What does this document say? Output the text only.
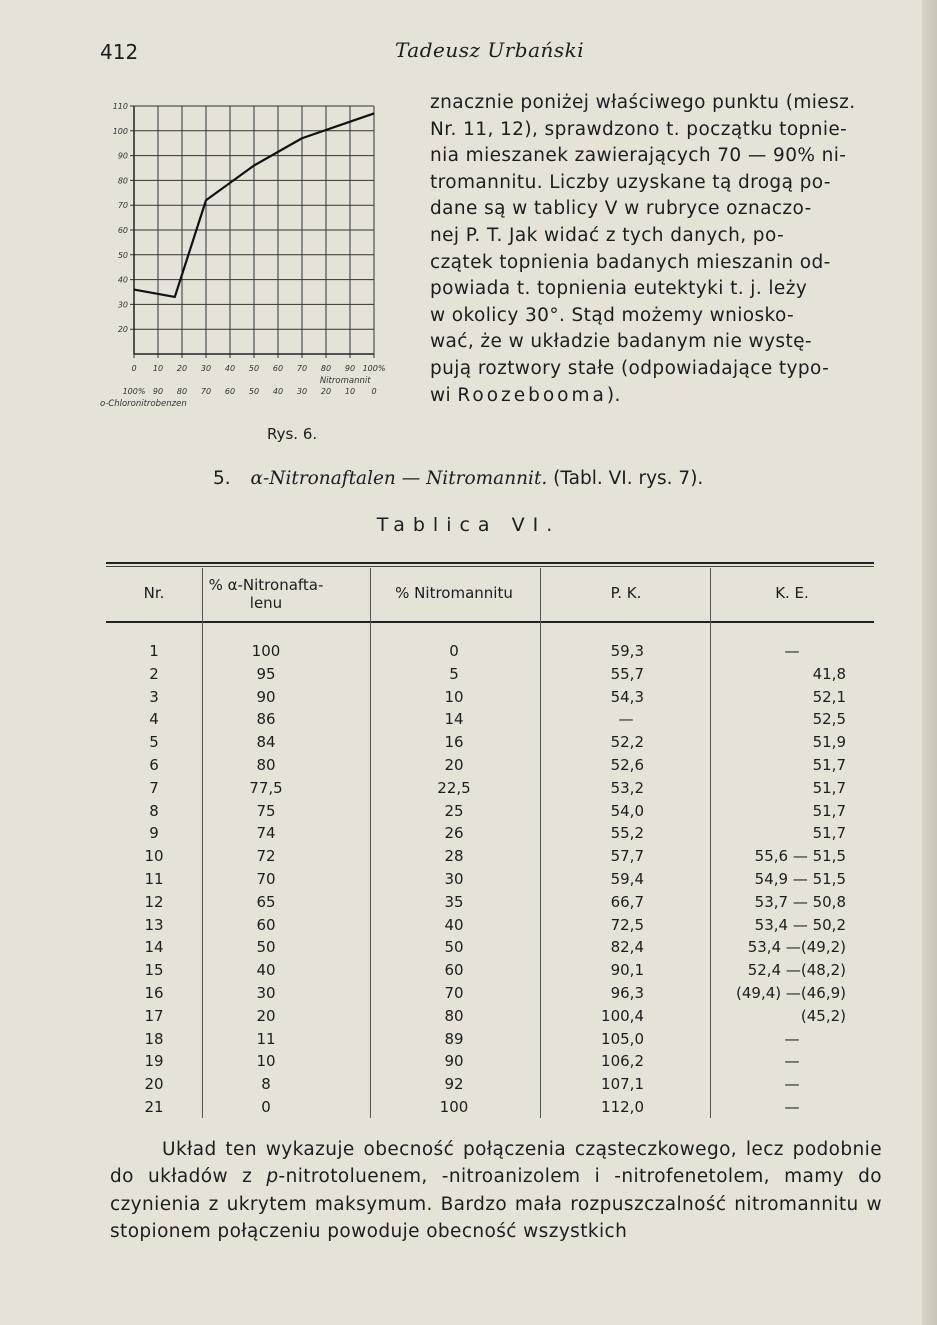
412	Tadeusz Urbański
110
100
90
80
70
60
50
40
30
20
0 10 20 30 40 50 60 70 80 90 100%
100% 90 80 70 60 50 40 30 20 10 0
Nitromannit
o-Chloronitrobenzen
Rys. 6.
znacznie poniżej właściwego punktu (miesz.
Nr. 11, 12), sprawdzono t. początku topnie-
nia mieszanek zawierających 70 — 90% ni-
tromannitu. Liczby uzyskane tą drogą po-
dane są w tablicy V w rubryce oznaczo-
nej P. T. Jak widać z tych danych, po-
czątek topnienia badanych mieszanin od-
powiada t. topnienia eutektyki t. j. leży
w okolicy 30°. Stąd możemy wniosko-
wać, że w układzie badanym nie wystę-
pują roztwory stałe (odpowiadające typo-
wi Roozebooma).
5. α-Nitronaftalen — Nitromannit. (Tabl. VI. rys. 7).
Tablica VI.
Nr.	% α-Nitronafta-
lenu
% Nitromannitu	P. K.	K. E.
1	100	0	59,3	—
2	95	5	55,7	41,8
3	90	10	54,3	52,1
4	86	14	—	52,5
5	84	16	52,2	51,9
6	80	20	52,6	51,7
7	77,5	22,5	53,2	51,7
8	75	25	54,0	51,7
9	74	26	55,2	51,7
10	72	28	57,7	55,6 — 51,5
11	70	30	59,4	54,9 — 51,5
12	65	35	66,7	53,7 — 50,8
13	60	40	72,5	53,4 — 50,2
14	50	50	82,4	53,4 —(49,2)
15	40	60	90,1	52,4 —(48,2)
16	30	70	96,3	(49,4) —(46,9)
17	20	80	100,4	(45,2)
18	11	89	105,0	—
19	10	90	106,2	—
20	8	92	107,1	—
21	0	100	112,0	—

Układ ten wykazuje obecność połączenia cząsteczkowego, lecz podobnie do układów z p-nitrotoluenem, -nitroanizolem i -nitrofenetolem, mamy do czynienia z ukrytem maksymum. Bardzo mała rozpuszczalność nitromannitu w stopionem połączeniu powoduje obecność wszystkich
